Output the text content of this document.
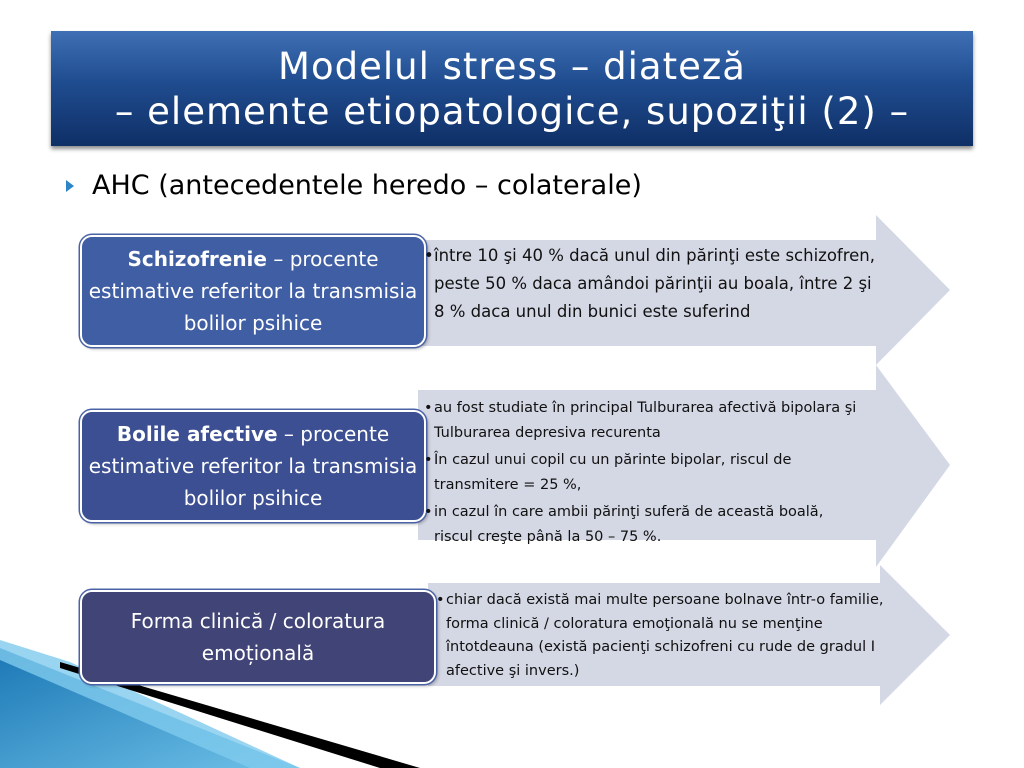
Modelul stress – diateză
– elemente etiopatologice, supoziţii (2) –
AHC (antecedentele heredo – colaterale)
Schizofrenie – procente estimative referitor la transmisia bolilor psihice
Bolile afective – procente estimative referitor la transmisia bolilor psihice
Forma clinică / coloratura emoțională
• între 10 şi 40 % dacă unul din părinţi este schizofren, peste 50 % daca amândoi părinţii au boala, între 2 şi 8 % daca unul din bunici este suferind
• au fost studiate în principal Tulburarea afectivă bipolara şi Tulburarea depresiva recurenta
• În cazul unui copil cu un părinte bipolar, riscul de transmitere = 25 %,
• in cazul în care ambii părinţi suferă de această boală, riscul creşte până la 50 – 75 %.
• chiar dacă există mai multe persoane bolnave într-o familie, forma clinică / coloratura emoţională nu se menţine întotdeauna (există pacienţi schizofreni cu rude de gradul I afective şi invers.)
